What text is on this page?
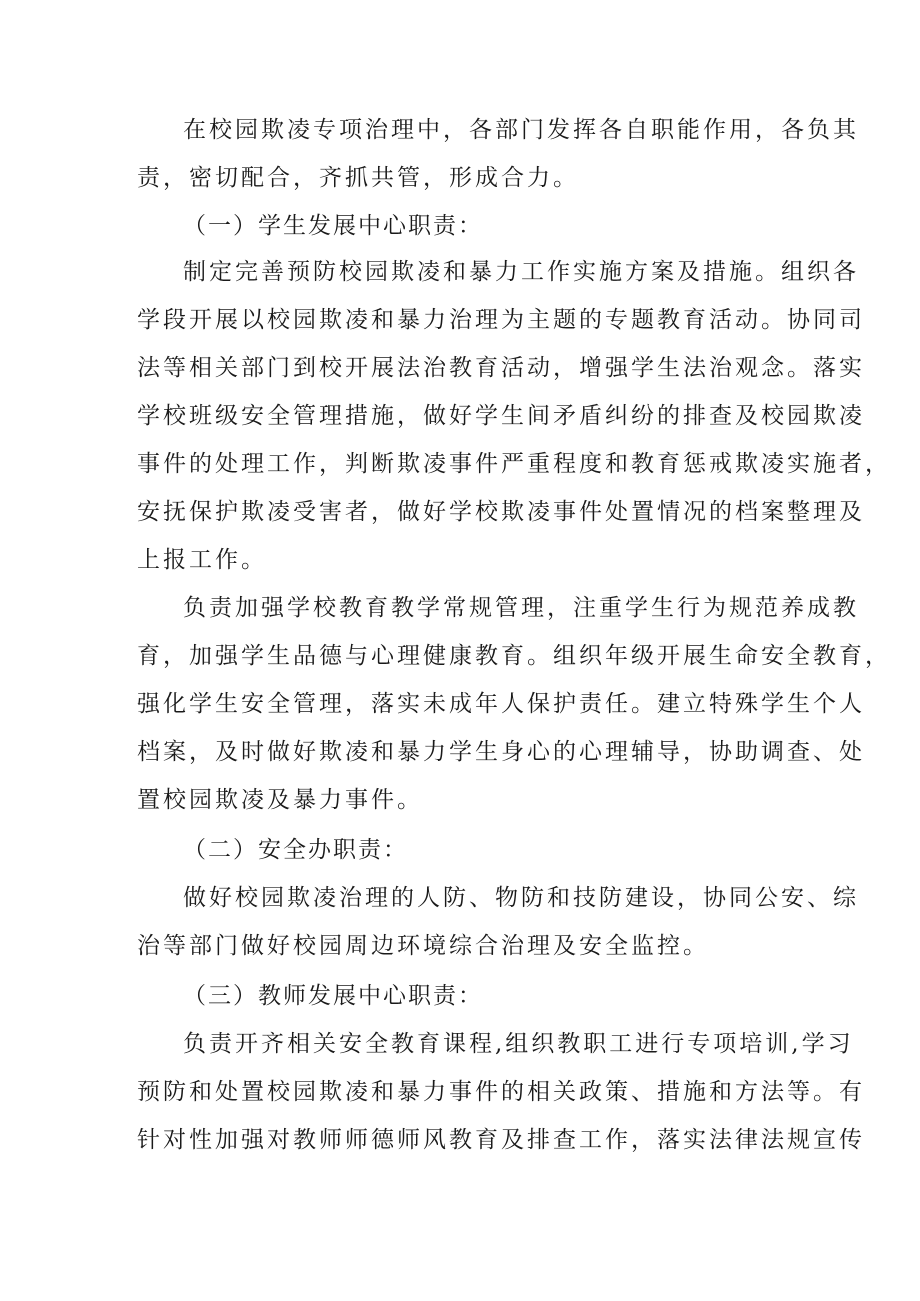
在校园欺凌专项治理中，各部门发挥各自职能作用，各负其
责，密切配合，齐抓共管，形成合力。
（一）学生发展中心职责：
制定完善预防校园欺凌和暴力工作实施方案及措施。组织各
学段开展以校园欺凌和暴力治理为主题的专题教育活动。协同司
法等相关部门到校开展法治教育活动，增强学生法治观念。落实
学校班级安全管理措施，做好学生间矛盾纠纷的排查及校园欺凌
事件的处理工作，判断欺凌事件严重程度和教育惩戒欺凌实施者，
安抚保护欺凌受害者，做好学校欺凌事件处置情况的档案整理及
上报工作。
负责加强学校教育教学常规管理，注重学生行为规范养成教
育，加强学生品德与心理健康教育。组织年级开展生命安全教育，
强化学生安全管理，落实未成年人保护责任。建立特殊学生个人
档案，及时做好欺凌和暴力学生身心的心理辅导，协助调查、处
置校园欺凌及暴力事件。
（二）安全办职责：
做好校园欺凌治理的人防、物防和技防建设，协同公安、综
治等部门做好校园周边环境综合治理及安全监控。
（三）教师发展中心职责：
负责开齐相关安全教育课程,组织教职工进行专项培训,学习
预防和处置校园欺凌和暴力事件的相关政策、措施和方法等。有
针对性加强对教师师德师风教育及排查工作，落实法律法规宣传
